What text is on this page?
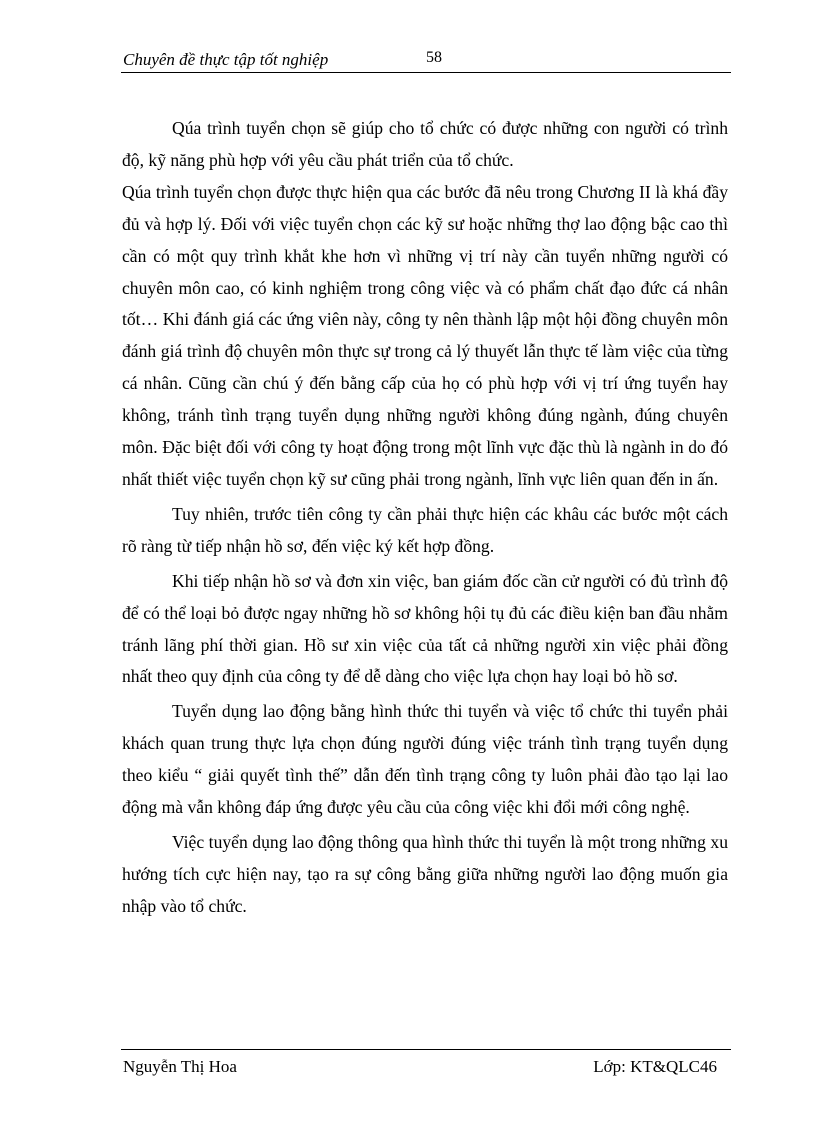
Chuyên đề thực tập tốt nghiệp	58

Qúa trình tuyển chọn sẽ giúp cho tổ chức có được những con người có trình độ, kỹ năng phù hợp với yêu cầu phát triển của tổ chức.

Qúa trình tuyển chọn được thực hiện qua các bước đã nêu trong Chương II là khá đầy đủ và hợp lý. Đối với việc tuyển chọn các kỹ sư hoặc những thợ lao động bậc cao thì cần có một quy trình khắt khe hơn vì những vị trí này cần tuyển những người có chuyên môn cao, có kinh nghiệm trong công việc và có phẩm chất đạo đức cá nhân tốt… Khi đánh giá các ứng viên này, công ty nên thành lập một hội đồng chuyên môn đánh giá trình độ chuyên môn thực sự trong cả lý thuyết lẫn thực tế làm việc của từng cá nhân. Cũng cần chú ý đến bằng cấp của họ có phù hợp với vị trí ứng tuyển hay không, tránh tình trạng tuyển dụng những người không đúng ngành, đúng chuyên môn. Đặc biệt đối với công ty hoạt động trong một lĩnh vực đặc thù là ngành in do đó nhất thiết việc tuyển chọn kỹ sư cũng phải trong ngành, lĩnh vực liên quan đến in ấn.

Tuy nhiên, trước tiên công ty cần phải thực hiện các khâu các bước một cách rõ ràng từ tiếp nhận hồ sơ, đến việc ký kết hợp đồng.

Khi tiếp nhận hồ sơ và đơn xin việc, ban giám đốc cần cử người có đủ trình độ để có thể loại bỏ được ngay những hồ sơ không hội tụ đủ các điều kiện ban đầu nhằm tránh lãng phí thời gian. Hồ sư xin việc của tất cả những người xin việc phải đồng nhất theo quy định của công ty để dễ dàng cho việc lựa chọn hay loại bỏ hồ sơ.

Tuyển dụng lao động bằng hình thức thi tuyển và việc tổ chức thi tuyển phải khách quan trung thực lựa chọn đúng người đúng việc tránh tình trạng tuyển dụng theo kiểu “ giải quyết tình thế” dẫn đến tình trạng công ty luôn phải đào tạo lại lao động mà vẫn không đáp ứng được yêu cầu của công việc khi đổi mới công nghệ.

Việc tuyển dụng lao động thông qua hình thức thi tuyển là một trong những xu hướng tích cực hiện nay, tạo ra sự công bằng giữa những người lao động muốn gia nhập vào tổ chức.

Nguyễn Thị Hoa	Lớp: KT&QLC46
